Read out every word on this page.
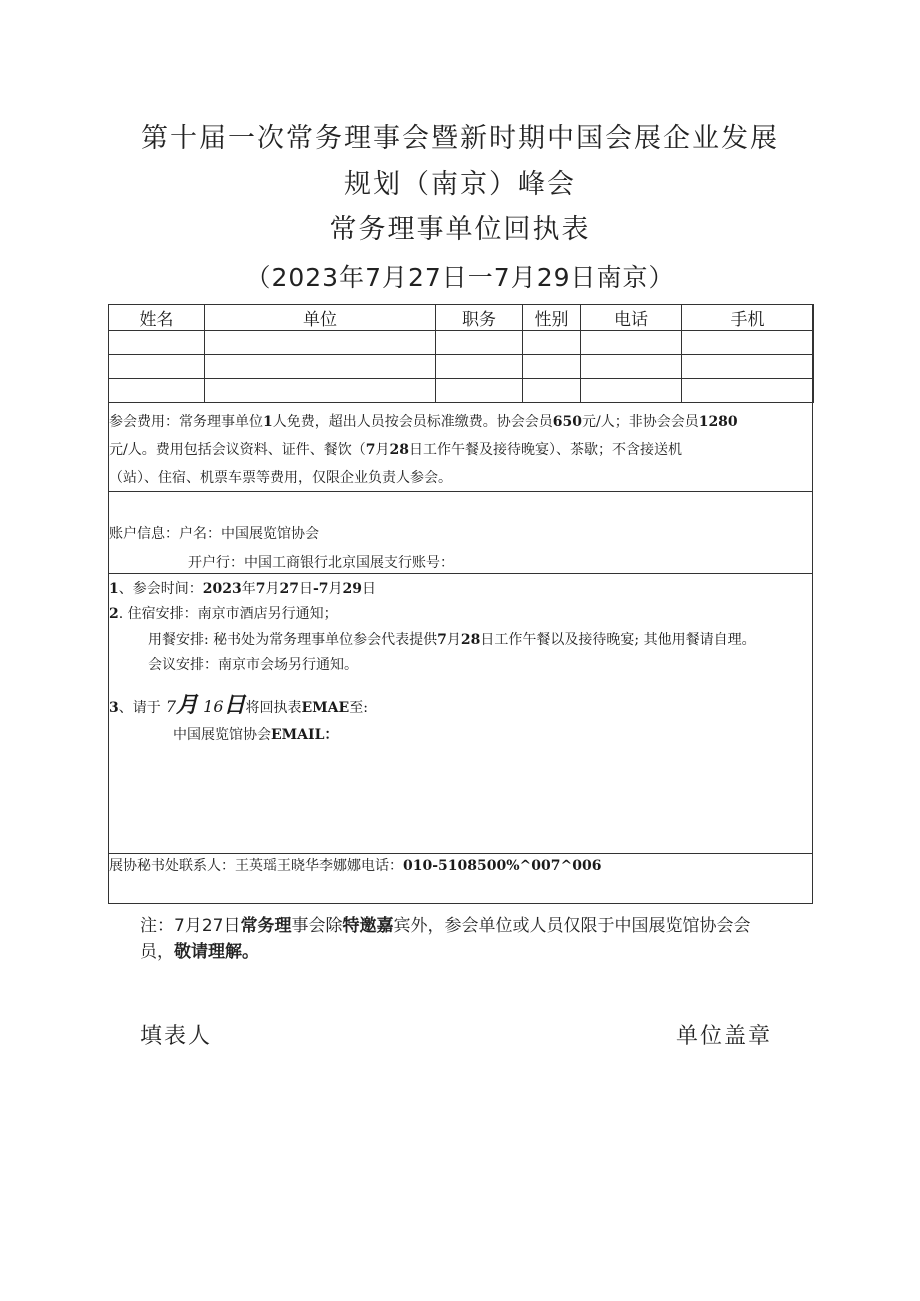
第十届一次常务理事会暨新时期中国会展企业发展
规划（南京）峰会
常务理事单位回执表
（2023年7月27日一7月29日南京）
姓名	单位	职务	性别	电话	手机

参会费用：常务理事单位1人免费，超出人员按会员标准缴费。协会会员650元/人；非协会会员1280
元/人。费用包括会议资料、证件、餐饮（7月28日工作午餐及接待晚宴）、茶歇；不含接送机
（站）、住宿、机票车票等费用，仅限企业负责人参会。
账户信息：户名：中国展览馆协会
开户行：中国工商银行北京国展支行账号：
1、参会时间：2023年7月27日-7月29日
2. 住宿安排：南京市酒店另行通知；
用餐安排: 秘书处为常务理事单位参会代表提供7月28日工作午餐以及接待晚宴; 其他用餐请自理。
会议安排：南京市会场另行通知。
3、请于 7月 16日将回执表EMAE至:
中国展览馆协会EMAIL：
展协秘书处联系人：王英瑶王晓华李娜娜电话：010-5108500%^007^006
注：7月27日常务理事会除特邀嘉宾外，参会单位或人员仅限于中国展览馆协会会
员，敬请理解。
填表人	单位盖章
